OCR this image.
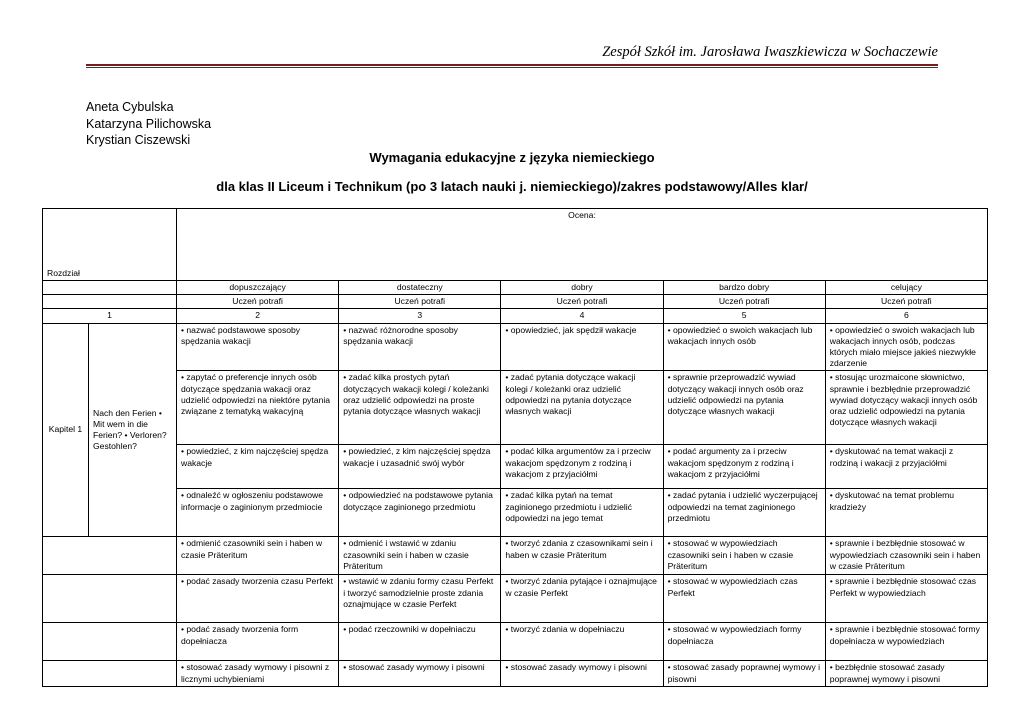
Zespół Szkół im. Jarosława Iwaszkiewicza w Sochaczewie
Aneta Cybulska
Katarzyna Pilichowska
Krystian Ciszewski
Wymagania edukacyjne z języka niemieckiego
dla klas II Liceum i Technikum (po 3 latach nauki j. niemieckiego)/zakres podstawowy/Alles klar/
Rozdział		Ocena:				
		dopuszczający	dostateczny	dobry	bardzo dobry	celujący
		Uczeń potrafi	Uczeń potrafi	Uczeń potrafi	Uczeń potrafi	Uczeń potrafi
1		2	3	4	5	6
Kapitel 1	Nach den Ferien • Mit wem in die Ferien? • Verloren? Gestohlen?	• nazwać podstawowe sposoby spędzania wakacji	• nazwać różnorodne sposoby spędzania wakacji	• opowiedzieć, jak spędził wakacje	• opowiedzieć o swoich wakacjach lub wakacjach innych osób	• opowiedzieć o swoich wakacjach lub wakacjach innych osób, podczas których miało miejsce jakieś niezwykłe zdarzenie
		• zapytać o preferencje innych osób dotyczące spędzania wakacji oraz udzielić odpowiedzi na niektóre pytania związane z tematyką wakacyjną	• zadać kilka prostych pytań dotyczących wakacji kolegi / koleżanki oraz udzielić odpowiedzi na proste pytania dotyczące własnych wakacji	• zadać pytania dotyczące wakacji kolegi / koleżanki oraz udzielić odpowiedzi na pytania dotyczące własnych wakacji	• sprawnie przeprowadzić wywiad dotyczący wakacji innych osób oraz udzielić odpowiedzi na pytania dotyczące własnych wakacji	• stosując urozmaicone słownictwo, sprawnie i bezbłędnie przeprowadzić wywiad dotyczący wakacji innych osób oraz udzielić odpowiedzi na pytania dotyczące własnych wakacji
		• powiedzieć, z kim najczęściej spędza wakacje	• powiedzieć, z kim najczęściej spędza wakacje i uzasadnić swój wybór	• podać kilka argumentów za i przeciw wakacjom spędzonym z rodziną i wakacjom z przyjaciółmi	• podać argumenty za i przeciw wakacjom spędzonym z rodziną i wakacjom z przyjaciółmi	• dyskutować na temat wakacji z rodziną i wakacji z przyjaciółmi
		• odnaleźć w ogłoszeniu podstawowe informacje o zaginionym przedmiocie	• odpowiedzieć na podstawowe pytania dotyczące zaginionego przedmiotu	• zadać kilka pytań na temat zaginionego przedmiotu i udzielić odpowiedzi na jego temat	• zadać pytania i udzielić wyczerpującej odpowiedzi na temat zaginionego przedmiotu	• dyskutować na temat problemu kradzieży
		• odmienić czasowniki sein i haben w czasie Präteritum	• odmienić i wstawić w zdaniu czasowniki sein i haben w czasie Präteritum	• tworzyć zdania z czasownikami sein i haben w czasie Präteritum	• stosować w wypowiedziach czasowniki sein i haben w czasie Präteritum	• sprawnie i bezbłędnie stosować w wypowiedziach czasowniki sein i haben w czasie Präteritum
		• podać zasady tworzenia czasu Perfekt	• wstawić w zdaniu formy czasu Perfekt i tworzyć samodzielnie proste zdania oznajmujące w czasie Perfekt	• tworzyć zdania pytające i oznajmujące w czasie Perfekt	• stosować w wypowiedziach czas Perfekt	• sprawnie i bezbłędnie stosować czas Perfekt w wypowiedziach
		• podać zasady tworzenia form dopełniacza	• podać rzeczowniki w dopełniaczu	• tworzyć zdania w dopełniaczu	• stosować w wypowiedziach formy dopełniacza	• sprawnie i bezbłędnie stosować formy dopełniacza w wypowiedziach
		• stosować zasady wymowy i pisowni z licznymi uchybieniami	• stosować zasady wymowy i pisowni	• stosować zasady wymowy i pisowni	• stosować zasady poprawnej wymowy i pisowni	• bezbłędnie stosować zasady poprawnej wymowy i pisowni
